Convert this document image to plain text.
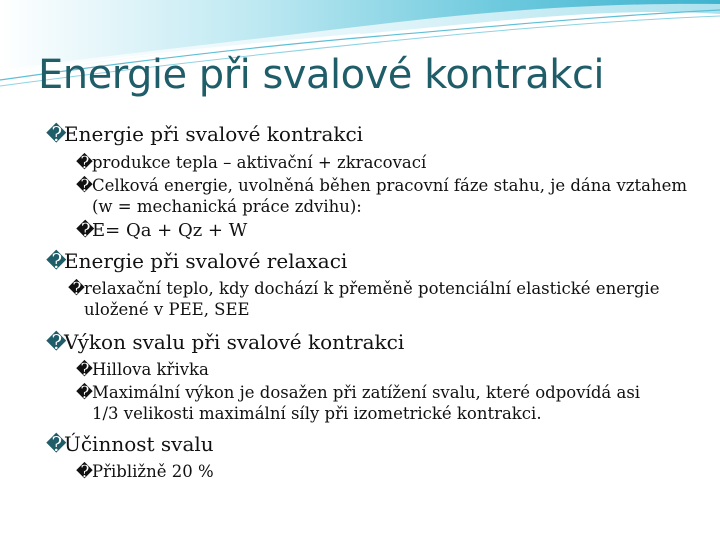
Energie při svalové kontrakci
�Energie při svalové kontrakci
� produkce tepla – aktivační + zkracovací
� Celková energie, uvolněná běhen pracovní fáze stahu, je dána vztahem (w = mechanická práce zdvihu):
�
E= Qa + Qz + W
�Energie při svalové relaxaci
� relaxační teplo, kdy dochází k přeměně potenciální elastické energie uložené v PEE, SEE
�Výkon svalu při svalové kontrakci
� Hillova křivka
� Maximální výkon je dosažen při zatížení svalu, které odpovídá asi 1/3 velikosti maximální síly při izometrické kontrakci.
�Účinnost svalu
� Přibližně 20 %
